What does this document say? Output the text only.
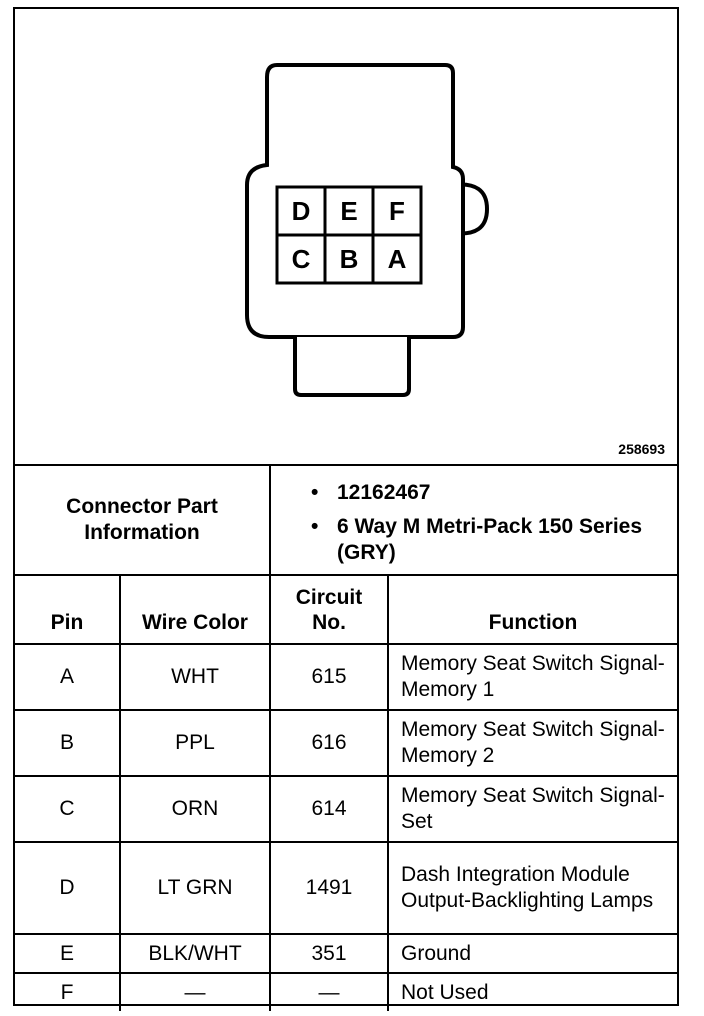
D E F
C B A
258693
Connector Part Information
• 12162467
• 6 Way M Metri-Pack 150 Series (GRY)
Pin	Wire Color	Circuit No.	Function
A	WHT	615	Memory Seat Switch Signal-Memory 1
B	PPL	616	Memory Seat Switch Signal-Memory 2
C	ORN	614	Memory Seat Switch Signal-Set
D	LT GRN	1491	Dash Integration Module Output-Backlighting Lamps
E	BLK/WHT	351	Ground
F	—	—	Not Used
